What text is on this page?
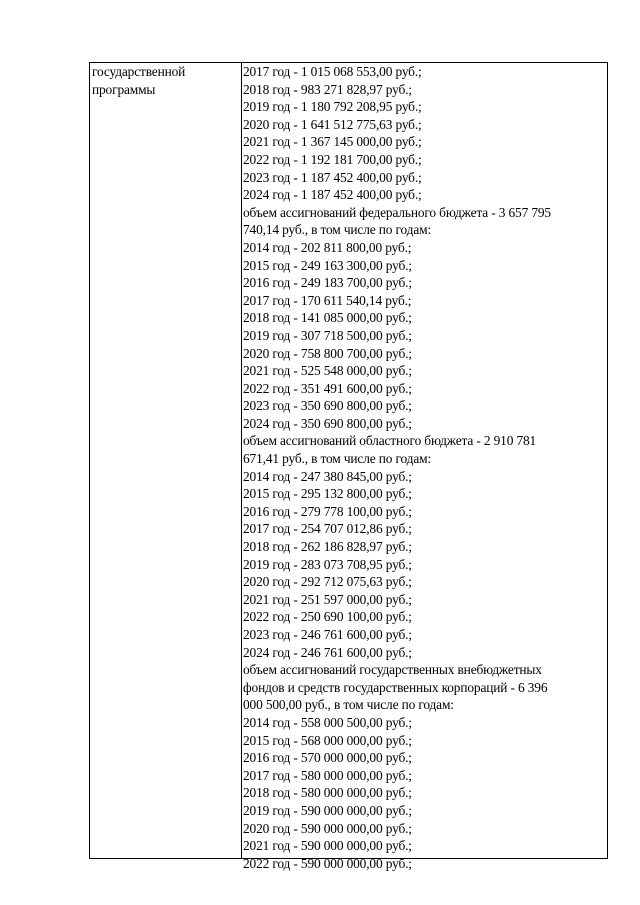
государственной
программы
2017 год - 1 015 068 553,00 руб.;
2018 год - 983 271 828,97 руб.;
2019 год - 1 180 792 208,95 руб.;
2020 год - 1 641 512 775,63 руб.;
2021 год - 1 367 145 000,00 руб.;
2022 год - 1 192 181 700,00 руб.;
2023 год - 1 187 452 400,00 руб.;
2024 год - 1 187 452 400,00 руб.;
объем ассигнований федерального бюджета - 3 657 795
740,14 руб., в том числе по годам:
2014 год - 202 811 800,00 руб.;
2015 год - 249 163 300,00 руб.;
2016 год - 249 183 700,00 руб.;
2017 год - 170 611 540,14 руб.;
2018 год - 141 085 000,00 руб.;
2019 год - 307 718 500,00 руб.;
2020 год - 758 800 700,00 руб.;
2021 год - 525 548 000,00 руб.;
2022 год - 351 491 600,00 руб.;
2023 год - 350 690 800,00 руб.;
2024 год - 350 690 800,00 руб.;
объем ассигнований областного бюджета - 2 910 781
671,41 руб., в том числе по годам:
2014 год - 247 380 845,00 руб.;
2015 год - 295 132 800,00 руб.;
2016 год - 279 778 100,00 руб.;
2017 год - 254 707 012,86 руб.;
2018 год - 262 186 828,97 руб.;
2019 год - 283 073 708,95 руб.;
2020 год - 292 712 075,63 руб.;
2021 год - 251 597 000,00 руб.;
2022 год - 250 690 100,00 руб.;
2023 год - 246 761 600,00 руб.;
2024 год - 246 761 600,00 руб.;
объем ассигнований государственных внебюджетных
фондов и средств государственных корпораций - 6 396
000 500,00 руб., в том числе по годам:
2014 год - 558 000 500,00 руб.;
2015 год - 568 000 000,00 руб.;
2016 год - 570 000 000,00 руб.;
2017 год - 580 000 000,00 руб.;
2018 год - 580 000 000,00 руб.;
2019 год - 590 000 000,00 руб.;
2020 год - 590 000 000,00 руб.;
2021 год - 590 000 000,00 руб.;
2022 год - 590 000 000,00 руб.;
